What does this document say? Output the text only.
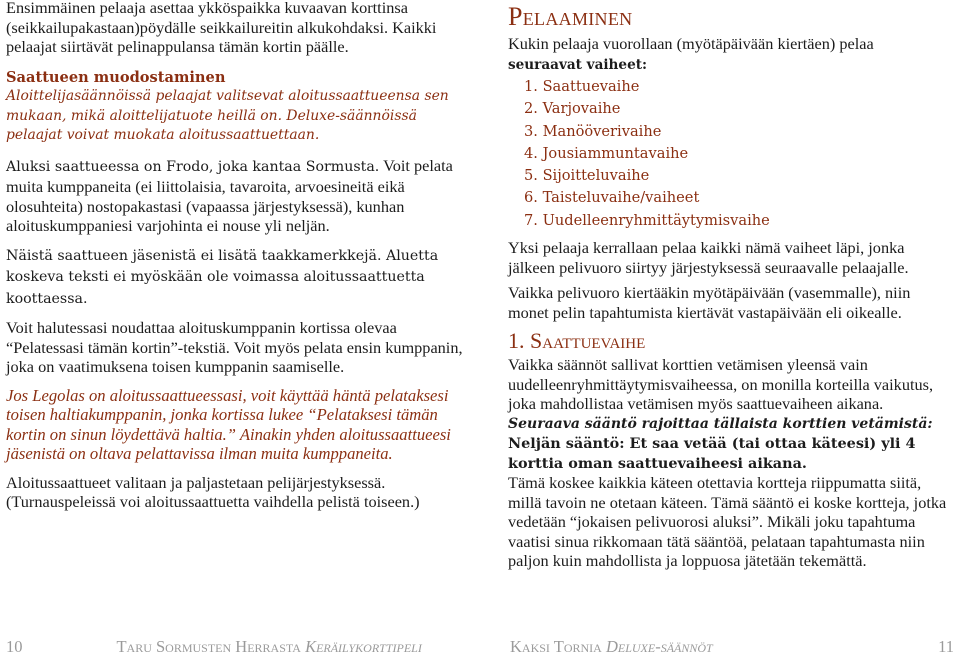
Ensimmäinen pelaaja asettaa ykköspaikka kuvaavan korttinsa (seikkailupakastaan)pöydälle seikkailureitin alkukohdaksi. Kaikki pelaajat siirtävät pelinappulansa tämän kortin päälle.

Saattueen muodostaminen

Aloittelijasäännöissä pelaajat valitsevat aloitussaattueensa sen mukaan, mikä aloittelijatuote heillä on. Deluxe-säännöissä pelaajat voivat muokata aloitussaattuettaan.

Aluksi saattueessa on Frodo, joka kantaa Sormusta. Voit pelata muita kumppaneita (ei liittolaisia, tavaroita, arvoesineitä eikä olosuhteita) nostopakastasi (vapaassa järjestyksessä), kunhan aloituskumppaniesi varjohinta ei nouse yli neljän.

Näistä saattueen jäsenistä ei lisätä taakkamerkkejä. Aluetta koskeva teksti ei myöskään ole voimassa aloitussaattuetta koottaessa.

Voit halutessasi noudattaa aloituskumppanin kortissa olevaa “Pelatessasi tämän kortin”-tekstiä. Voit myös pelata ensin kumppanin, joka on vaatimuksena toisen kumppanin saamiselle.

Jos Legolas on aloitussaattueessasi, voit käyttää häntä pelataksesi toisen haltiakumppanin, jonka kortissa lukee “Pelataksesi tämän kortin on sinun löydettävä haltia.” Ainakin yhden aloitussaattueesi jäsenistä on oltava pelattavissa ilman muita kumppaneita.

Aloitussaattueet valitaan ja paljastetaan pelijärjestyksessä. (Turnauspeleissä voi aloitussaattuetta vaihdella pelistä toiseen.)

Pelaaminen

Kukin pelaaja vuorollaan (myötäpäivään kiertäen) pelaa
seuraavat vaiheet:

1. Saattuevaihe
2. Varjovaihe
3. Manööverivaihe
4. Jousiammuntavaihe
5. Sijoitteluvaihe
6. Taisteluvaihe/vaiheet
7. Uudelleenryhmittäytymisvaihe

Yksi pelaaja kerrallaan pelaa kaikki nämä vaiheet läpi, jonka jälkeen pelivuoro siirtyy järjestyksessä seuraavalle pelaajalle.

Vaikka pelivuoro kiertääkin myötäpäivään (vasemmalle), niin monet pelin tapahtumista kiertävät vastapäivään eli oikealle.

1. Saattuevaihe

Vaikka säännöt sallivat korttien vetämisen yleensä vain uudelleenryhmittäytymisvaiheessa, on monilla korteilla vaikutus, joka mahdollistaa vetämisen myös saattuevaiheen aikana.

Seuraava sääntö rajoittaa tällaista korttien vetämistä:

Neljän sääntö: Et saa vetää (tai ottaa käteesi) yli 4 korttia oman saattuevaiheesi aikana.

Tämä koskee kaikkia käteen otettavia kortteja riippumatta siitä, millä tavoin ne otetaan käteen. Tämä sääntö ei koske kortteja, jotka vedetään “jokaisen pelivuorosi aluksi”. Mikäli joku tapahtuma vaatisi sinua rikkomaan tätä sääntöä, pelataan tapahtumasta niin paljon kuin mahdollista ja loppuosa jätetään tekemättä.

10	Taru Sormusten Herrasta Keräilykorttipeli	Kaksi Tornia Deluxe-säännöt	11
